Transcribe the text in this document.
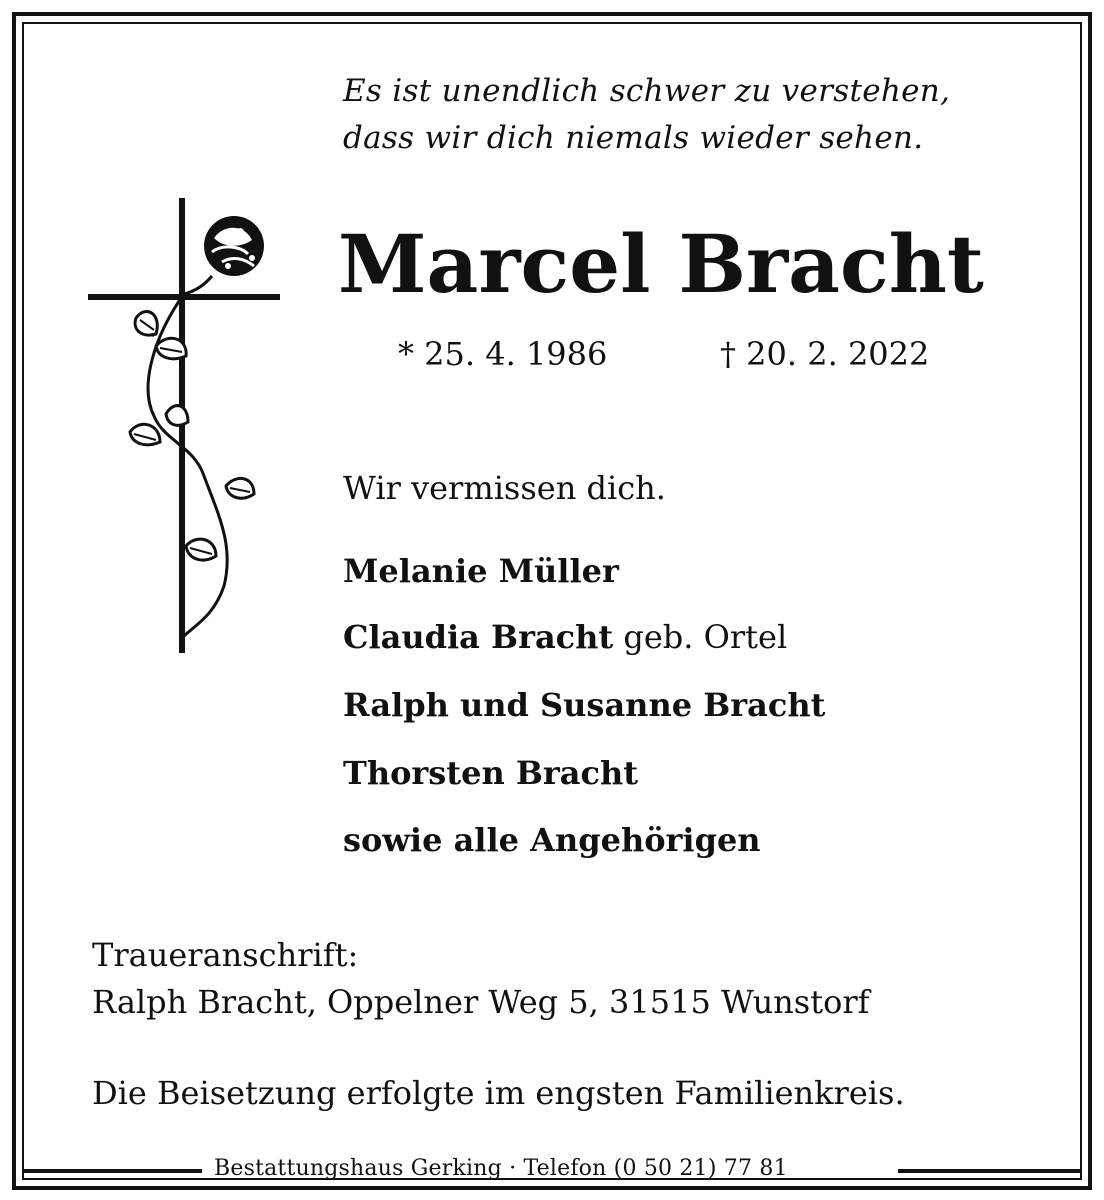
Es ist unendlich schwer zu verstehen,
dass wir dich niemals wieder sehen.
Marcel Bracht
* 25. 4. 1986	† 20. 2. 2022
Wir vermissen dich.
Melanie Müller
Claudia Bracht geb. Ortel
Ralph und Susanne Bracht
Thorsten Bracht
sowie alle Angehörigen
Traueranschrift:
Ralph Bracht, Oppelner Weg 5, 31515 Wunstorf
Die Beisetzung erfolgte im engsten Familienkreis.
Bestattungshaus Gerking · Telefon (0 50 21) 77 81
